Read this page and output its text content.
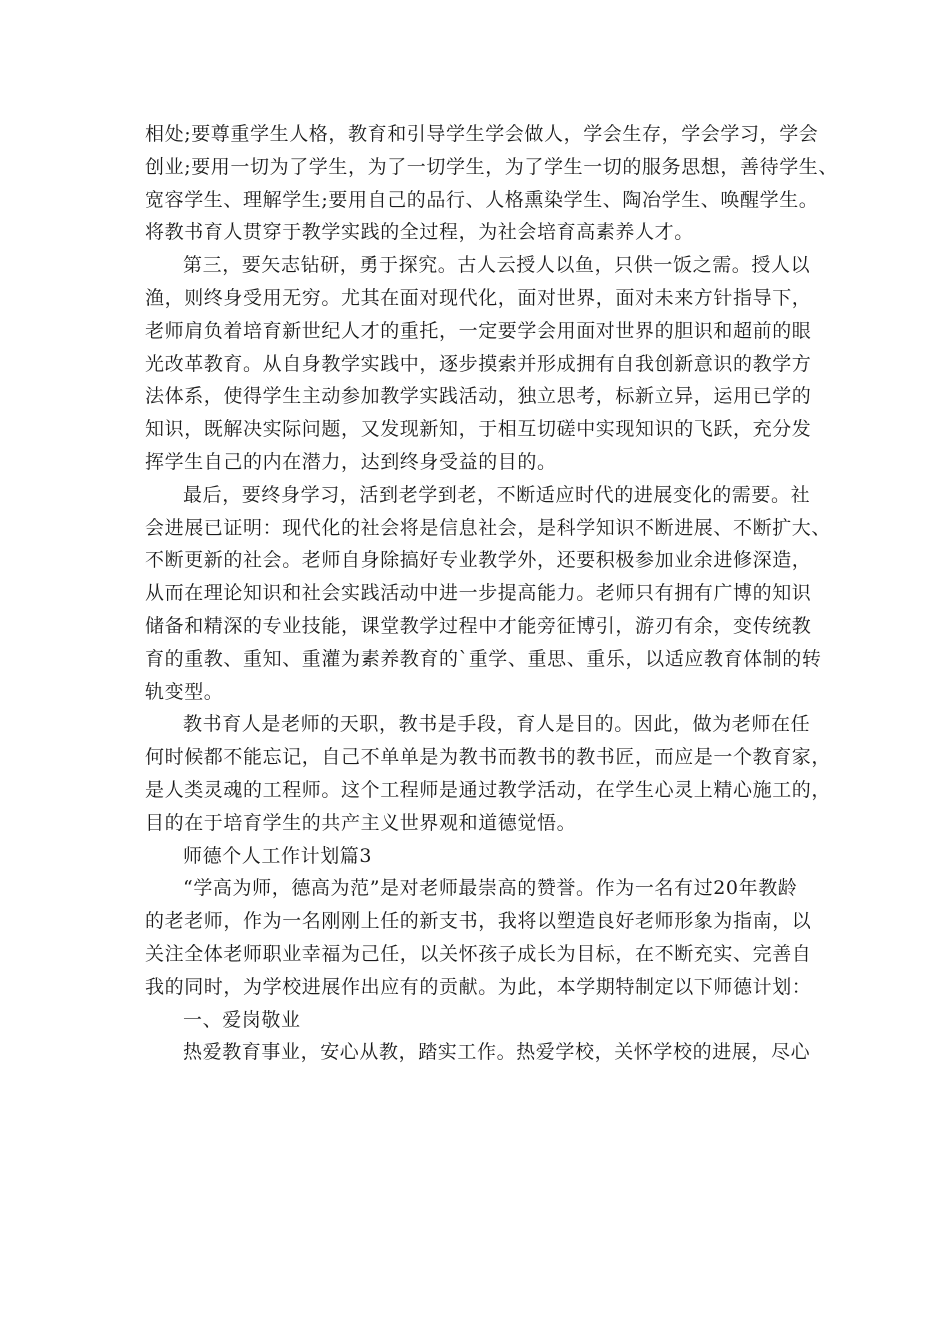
相处;要尊重学生人格，教育和引导学生学会做人，学会生存，学会学习，学会
创业;要用一切为了学生，为了一切学生，为了学生一切的服务思想，善待学生、
宽容学生、理解学生;要用自己的品行、人格熏染学生、陶冶学生、唤醒学生。
将教书育人贯穿于教学实践的全过程，为社会培育高素养人才。
第三，要矢志钻研，勇于探究。古人云授人以鱼，只供一饭之需。授人以
渔，则终身受用无穷。尤其在面对现代化，面对世界，面对未来方针指导下，
老师肩负着培育新世纪人才的重托，一定要学会用面对世界的胆识和超前的眼
光改革教育。从自身教学实践中，逐步摸索并形成拥有自我创新意识的教学方
法体系，使得学生主动参加教学实践活动，独立思考，标新立异，运用已学的
知识，既解决实际问题，又发现新知，于相互切磋中实现知识的飞跃，充分发
挥学生自己的内在潜力，达到终身受益的目的。
最后，要终身学习，活到老学到老，不断适应时代的进展变化的需要。社
会进展已证明：现代化的社会将是信息社会，是科学知识不断进展、不断扩大、
不断更新的社会。老师自身除搞好专业教学外，还要积极参加业余进修深造，
从而在理论知识和社会实践活动中进一步提高能力。老师只有拥有广博的知识
储备和精深的专业技能，课堂教学过程中才能旁征博引，游刃有余，变传统教
育的重教、重知、重灌为素养教育的`重学、重思、重乐，以适应教育体制的转
轨变型。
教书育人是老师的天职，教书是手段，育人是目的。因此，做为老师在任
何时候都不能忘记，自己不单单是为教书而教书的教书匠，而应是一个教育家，
是人类灵魂的工程师。这个工程师是通过教学活动，在学生心灵上精心施工的，
目的在于培育学生的共产主义世界观和道德觉悟。
师德个人工作计划篇3
“学高为师，德高为范”是对老师最崇高的赞誉。作为一名有过20年教龄
的老老师，作为一名刚刚上任的新支书，我将以塑造良好老师形象为指南，以
关注全体老师职业幸福为己任，以关怀孩子成长为目标，在不断充实、完善自
我的同时，为学校进展作出应有的贡献。为此，本学期特制定以下师德计划：
一、爱岗敬业
热爱教育事业，安心从教，踏实工作。热爱学校，关怀学校的进展，尽心
